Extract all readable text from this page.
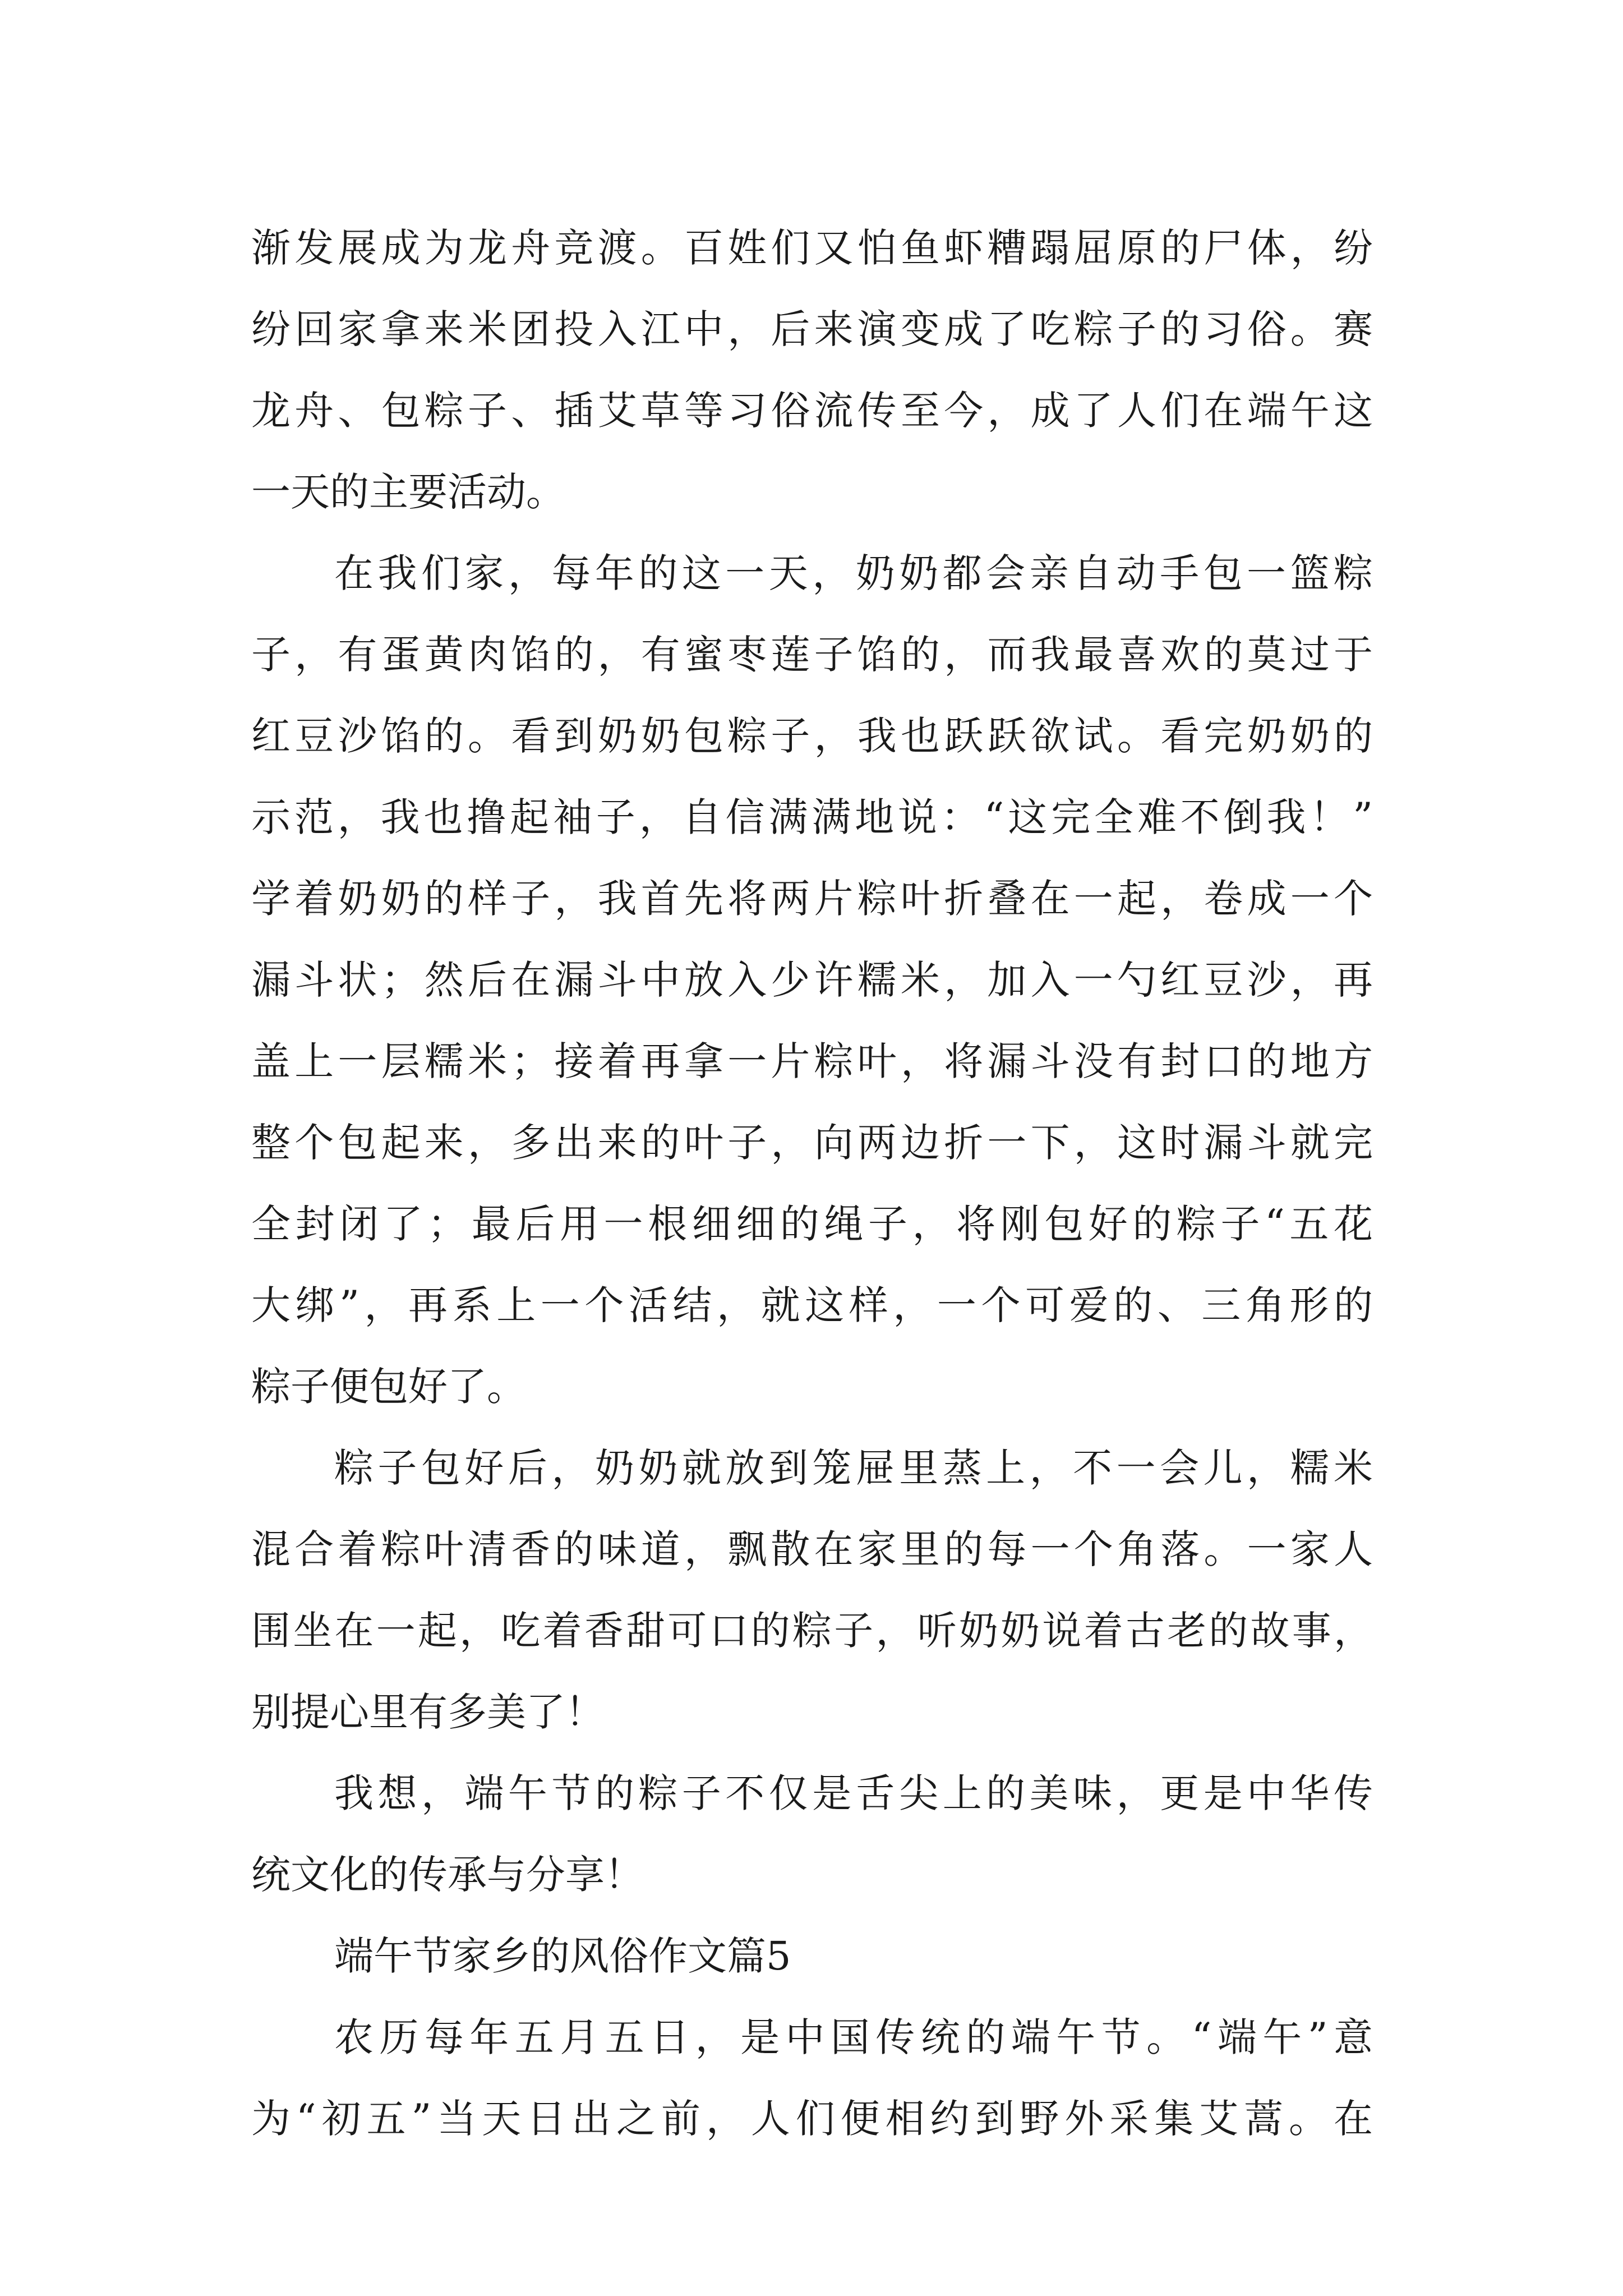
渐发展成为龙舟竞渡。百姓们又怕鱼虾糟蹋屈原的尸体，纷
纷回家拿来米团投入江中，后来演变成了吃粽子的习俗。赛
龙舟、包粽子、插艾草等习俗流传至今，成了人们在端午这
一天的主要活动。
在我们家，每年的这一天，奶奶都会亲自动手包一篮粽
子，有蛋黄肉馅的，有蜜枣莲子馅的，而我最喜欢的莫过于
红豆沙馅的。看到奶奶包粽子，我也跃跃欲试。看完奶奶的
示范，我也撸起袖子，自信满满地说：“这完全难不倒我！”
学着奶奶的样子，我首先将两片粽叶折叠在一起，卷成一个
漏斗状；然后在漏斗中放入少许糯米，加入一勺红豆沙，再
盖上一层糯米；接着再拿一片粽叶，将漏斗没有封口的地方
整个包起来，多出来的叶子，向两边折一下，这时漏斗就完
全封闭了；最后用一根细细的绳子，将刚包好的粽子“五花
大绑”，再系上一个活结，就这样，一个可爱的、三角形的
粽子便包好了。
粽子包好后，奶奶就放到笼屉里蒸上，不一会儿，糯米
混合着粽叶清香的味道，飘散在家里的每一个角落。一家人
围坐在一起，吃着香甜可口的粽子，听奶奶说着古老的故事，
别提心里有多美了！
我想，端午节的粽子不仅是舌尖上的美味，更是中华传
统文化的传承与分享！
端午节家乡的风俗作文篇5
农历每年五月五日，是中国传统的端午节。“端午”意
为“初五”当天日出之前，人们便相约到野外采集艾蒿。在
